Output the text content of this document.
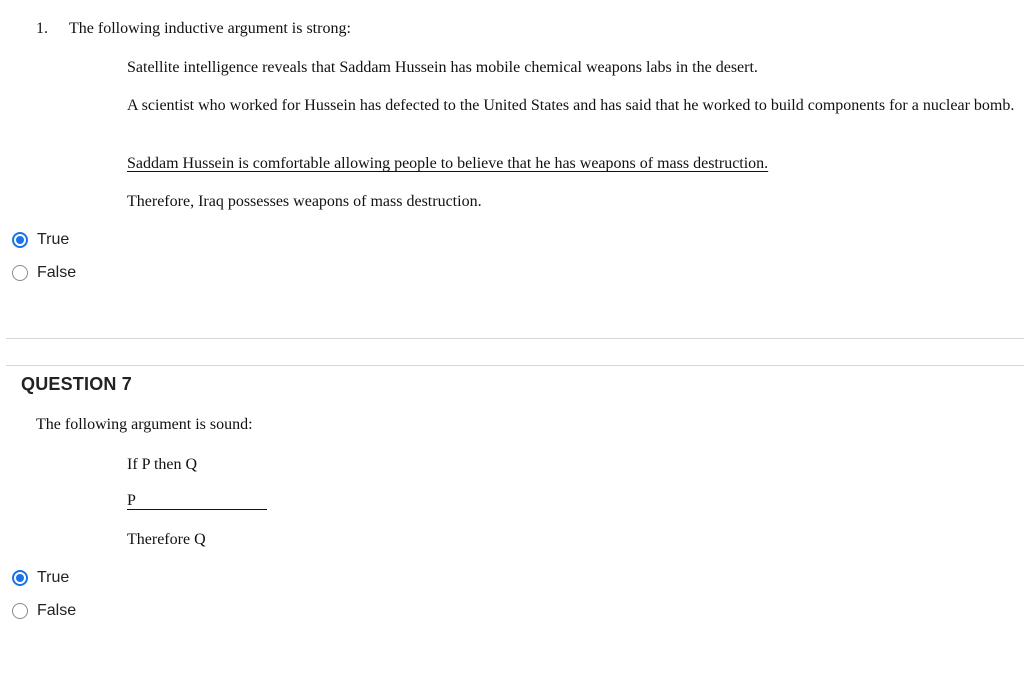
1. The following inductive argument is strong:
Satellite intelligence reveals that Saddam Hussein has mobile chemical weapons labs in the desert.
A scientist who worked for Hussein has defected to the United States and has said that he worked to build components for a nuclear bomb.
Saddam Hussein is comfortable allowing people to believe that he has weapons of mass destruction.
Therefore, Iraq possesses weapons of mass destruction.
True
False
QUESTION 7
The following argument is sound:
If P then Q
P
Therefore Q
True
False
